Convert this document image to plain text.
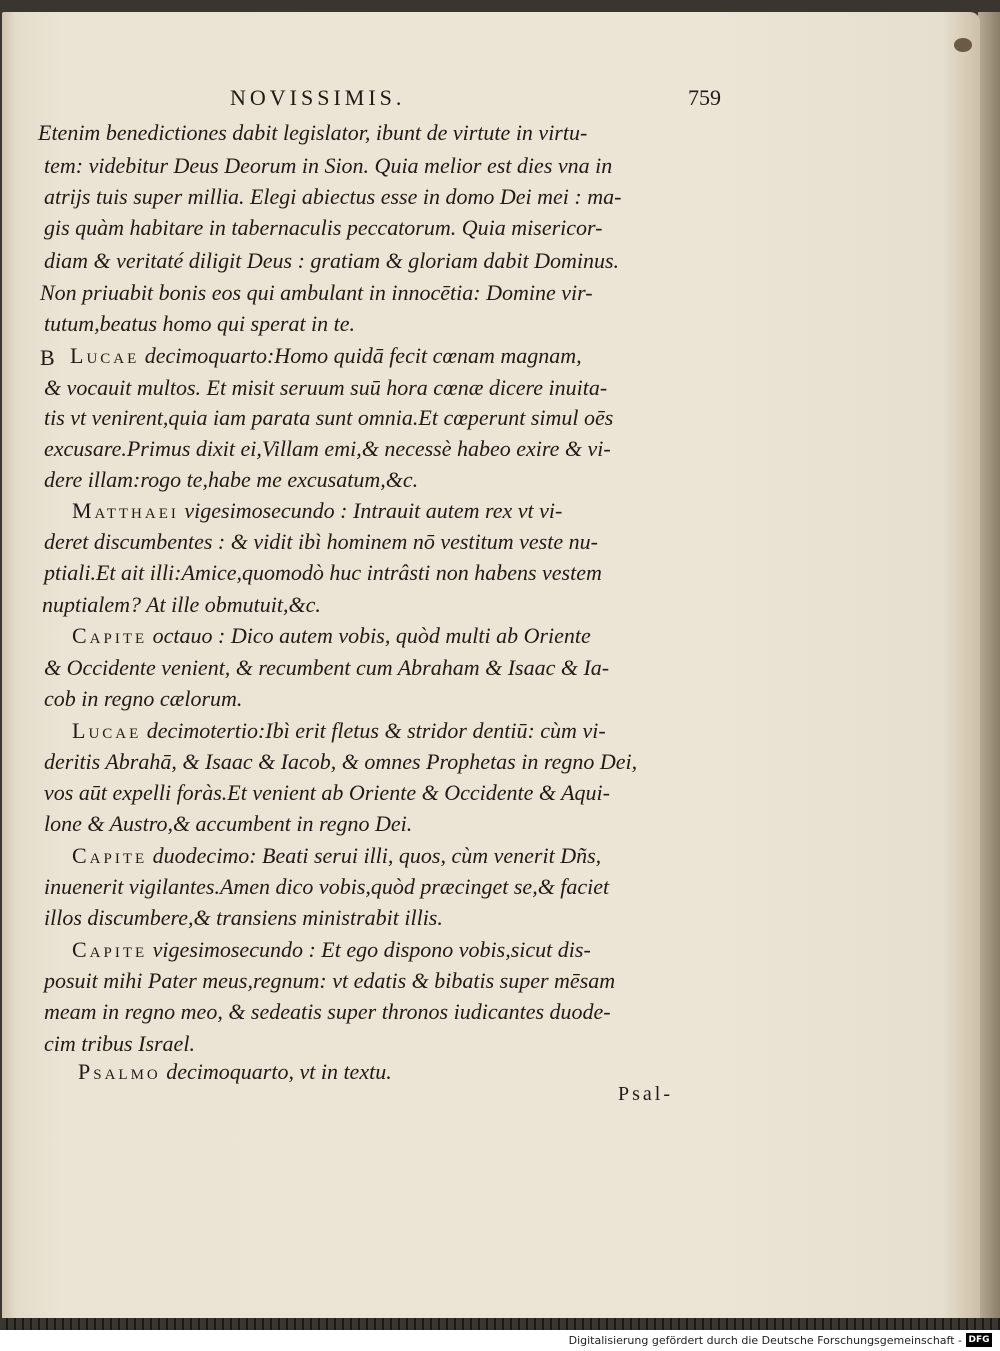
NOVISSIMIS.	759
B
Etenim benedictiones dabit legislator, ibunt de virtute in virtu-
tem: videbitur Deus Deorum in Sion. Quia melior est dies vna in
atrijs tuis super millia. Elegi abiectus esse in domo Dei mei : ma-
gis quàm habitare in tabernaculis peccatorum. Quia misericor-
diam & veritaté diligit Deus : gratiam & gloriam dabit Dominus.
Non priuabit bonis eos qui ambulant in innocētia: Domine vir-
tutum,beatus homo qui sperat in te.
Lucae decimoquarto:Homo quidā fecit cœnam magnam,
& vocauit multos. Et misit seruum suū hora cœnæ dicere inuita-
tis vt venirent,quia iam parata sunt omnia.Et cœperunt simul oēs
excusare.Primus dixit ei,Villam emi,& necessè habeo exire & vi-
dere illam:rogo te,habe me excusatum,&c.
Matthaei vigesimosecundo : Intrauit autem rex vt vi-
deret discumbentes : & vidit ibì hominem nō vestitum veste nu-
ptiali.Et ait illi:Amice,quomodò huc intrâsti non habens vestem
nuptialem? At ille obmutuit,&c.
Capite octauo : Dico autem vobis, quòd multi ab Oriente
& Occidente venient, & recumbent cum Abraham & Isaac & Ia-
cob in regno cælorum.
Lucae decimotertio:Ibì erit fletus & stridor dentiū: cùm vi-
deritis Abrahā, & Isaac & Iacob, & omnes Prophetas in regno Dei,
vos aūt expelli foràs.Et venient ab Oriente & Occidente & Aqui-
lone & Austro,& accumbent in regno Dei.
Capite duodecimo: Beati serui illi, quos, cùm venerit Dñs,
inuenerit vigilantes.Amen dico vobis,quòd præcinget se,& faciet
illos discumbere,& transiens ministrabit illis.
Capite vigesimosecundo : Et ego dispono vobis,sicut dis-
posuit mihi Pater meus,regnum: vt edatis & bibatis super mēsam
meam in regno meo, & sedeatis super thronos iudicantes duode-
cim tribus Israel.
Psalmo decimoquarto, vt in textu.
Psal-
Digitalisierung gefördert durch die Deutsche Forschungsgemeinschaft - DFG
